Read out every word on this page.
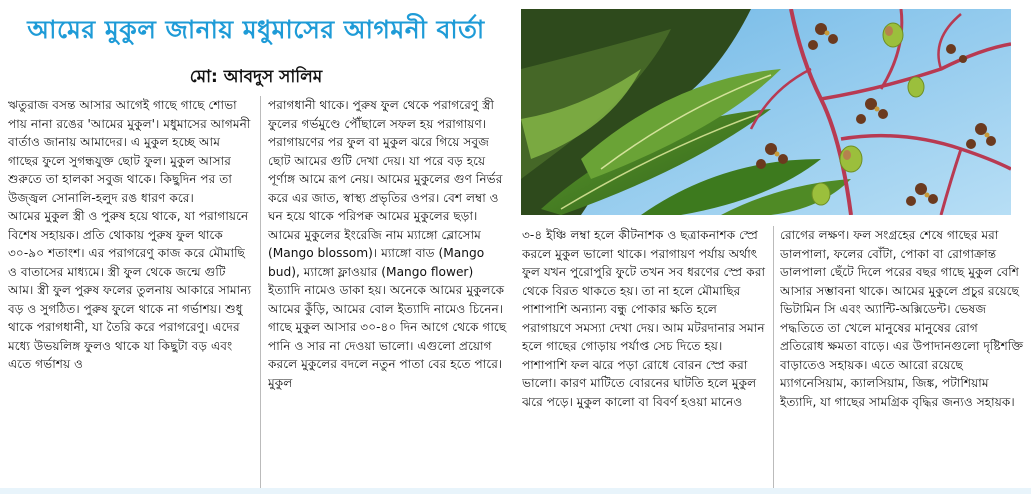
আমের মুকুল জানায় মধুমাসের আগমনী বার্তা
মো: আবদুস সালিম

ঋতুরাজ বসন্ত আসার আগেই গাছে গাছে শোভা পায় নানা রঙের 'আমের মুকুল'। মধুমাসের আগমনী বার্তাও জানায় আমাদের। এ মুকুল হচ্ছে আম গাছের ফুলে সুগন্ধযুক্ত ছোট ফুল। মুকুল আসার শুরুতে তা হালকা সবুজ থাকে। কিছুদিন পর তা উজ্জ্বল সোনালি-হলুদ রঙ ধারণ করে।

আমের মুকুল স্ত্রী ও পুরুষ হয়ে থাকে, যা পরাগায়নে বিশেষ সহায়ক। প্রতি থোকায় পুরুষ ফুল থাকে ৩০-৯০ শতাংশ। এর পরাগরেণু কাজ করে মৌমাছি ও বাতাসের মাধ্যমে। স্ত্রী ফুল থেকে জন্মে গুটি আম। স্ত্রী ফুল পুরুষ ফলের তুলনায় আকারে সামান্য বড় ও সুগঠিত। পুরুষ ফুলে থাকে না গর্ভাশয়। শুধু থাকে পরাগধানী, যা তৈরি করে পরাগরেণু। এদের মধ্যে উভয়লিঙ্গ ফুলও থাকে যা কিছুটা বড় এবং এতে গর্ভাশয় ও

পরাগধানী থাকে। পুরুষ ফুল থেকে পরাগরেণু স্ত্রী ফুলের গর্ভমুণ্ডে পৌঁছালে সফল হয় পরাগায়ণ। পরাগায়ণের পর ফুল বা মুকুল ঝরে গিয়ে সবুজ ছোট আমের গুটি দেখা দেয়। যা পরে বড় হয়ে পূর্ণাঙ্গ আমে রূপ নেয়। আমের মুকুলের গুণ নির্ভর করে এর জাত, স্বাস্থ্য প্রভৃতির ওপর। বেশ লম্বা ও ঘন হয়ে থাকে পরিপক্ব আমের মুকুলের ছড়া। আমের মুকুলের ইংরেজি নাম ম্যাঙ্গো ব্লোসোম (Mango blossom)। ম্যাঙ্গো বাড (Mango bud), ম্যাঙ্গো ফ্লাওয়ার (Mango flower) ইত্যাদি নামেও ডাকা হয়। অনেকে আমের মুকুলকে আমের কুঁড়ি, আমের বোল ইত্যাদি নামেও চিনেন। গাছে মুকুল আসার ৩০-৪০ দিন আগে থেকে গাছে পানি ও সার না দেওয়া ভালো। এগুলো প্রয়োগ করলে মুকুলের বদলে নতুন পাতা বের হতে পারে। মুকুল

৩-৪ ইঞ্চি লম্বা হলে কীটনাশক ও ছত্রাকনাশক স্প্রে করলে মুকুল ভালো থাকে। পরাগায়ণ পর্যায় অর্থাৎ ফুল যখন পুরোপুরি ফুটে তখন সব ধরণের স্প্রে করা থেকে বিরত থাকতে হয়। তা না হলে মৌমাছির পাশাপাশি অন্যান্য বন্ধু পোকার ক্ষতি হলে পরাগায়ণে সমস্যা দেখা দেয়। আম মটরদানার সমান হলে গাছের গোড়ায় পর্যাপ্ত সেচ দিতে হয়। পাশাপাশি ফল ঝরে পড়া রোধে বোরন স্প্রে করা ভালো। কারণ মাটিতে বোরনের ঘাটতি হলে মুকুল ঝরে পড়ে। মুকুল কালো বা বিবর্ণ হওয়া মানেও

রোগের লক্ষণ। ফল সংগ্রহের শেষে গাছের মরা ডালপালা, ফলের বোঁটা, পোকা বা রোগাক্রান্ত ডালপালা ছেঁটে দিলে পরের বছর গাছে মুকুল বেশি আসার সম্ভাবনা থাকে। আমের মুকুলে প্রচুর রয়েছে ভিটামিন সি এবং অ্যান্টি-অক্সিডেন্ট। ভেষজ পদ্ধতিতে তা খেলে মানুষের মানুষের রোগ প্রতিরোধ ক্ষমতা বাড়ে। এর উপাদানগুলো দৃষ্টিশক্তি বাড়াতেও সহায়ক। এতে আরো রয়েছে ম্যাগনেসিয়াম, ক্যালসিয়াম, জিঙ্ক, পটাশিয়াম ইত্যাদি, যা গাছের সামগ্রিক বৃদ্ধির জন্যও সহায়ক।
